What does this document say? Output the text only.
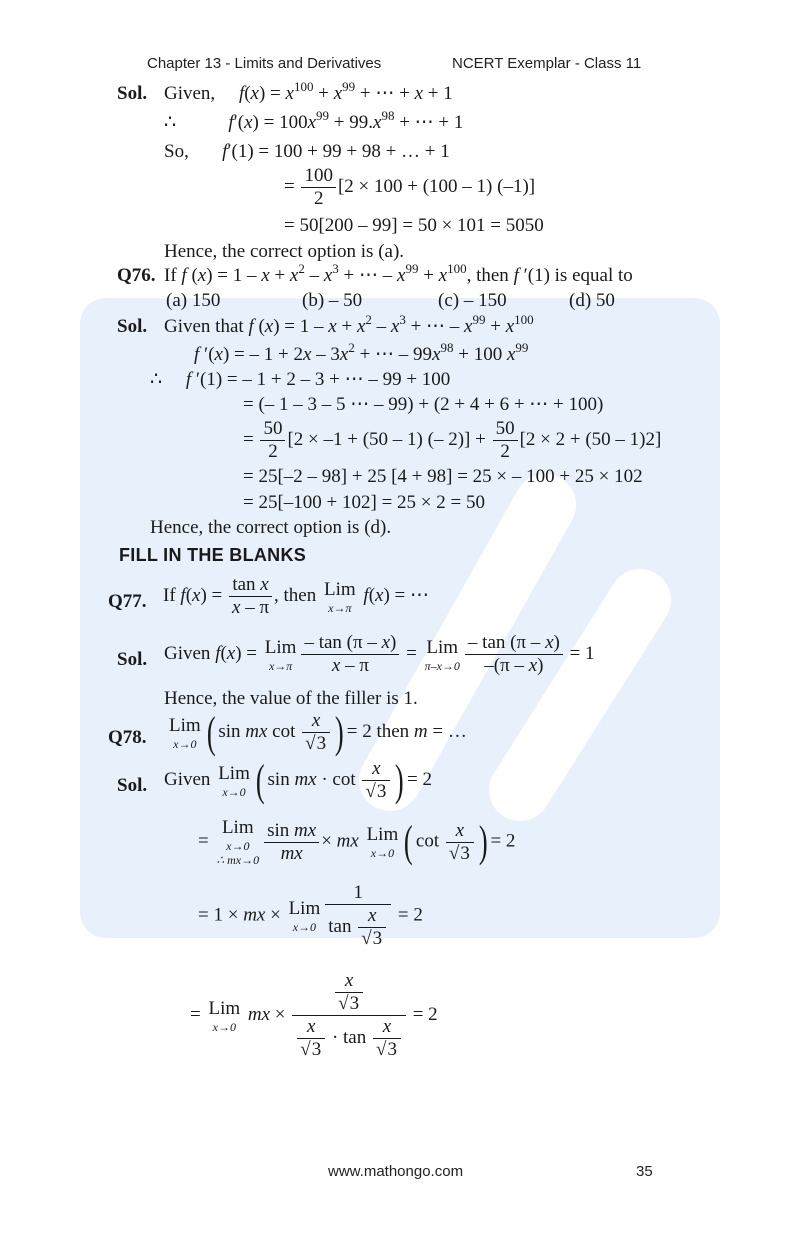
Chapter 13 - Limits and Derivatives	NCERT Exemplar - Class 11
Sol. Given, $f(x) = x^{100} + x^{99}$ + ⋯ + x + 1
∴	$f'(x) = 100x^{99} + 99.x^{98}$ + ⋯ + 1
So, f′(1) = 100 + 99 + 98 + … + 1
= $\frac{100}{2} [2 \times 100 + (100 - 1)$ (–1)]
= 50[200 – 99] = 50 × 101 = 5050
Hence, the correct option is (a).
Q76. If f $(x) = 1 - x + x^2 - x^3$ + ⋯ – $x^{99} + x^{100}$, then f ′(1) is equal to
(a) 150	(b) – 50	(c) – 150	(d) 50
Sol. Given that f $(x) = 1 - x + x^2 - x^3$ + ⋯ – $x^{99} + x^{100}$
f ′(x) = – $1 + 2x - 3x^2$ + ⋯ – $99x^{98} + 100$ $x^{99}$
∴     f ′(1) = – 1 + 2 – 3 + ⋯ – 99 + 100
= (– 1 – 3 – 5 ⋯ – 99) + (2 + 4 + 6 + ⋯ + 100)
= $\frac{50}{2} [2 \times -1 + (50 - 1)$ (– $2)] + \frac{50}{2} [2 \times 2 + (50 - 1)2]$
= 25[–2 – 98] + 25 [4 + 98] = 25 × – 100 + 25 × 102
= 25[–100 + 102] = 25 × 2 = 50
Hence, the correct option is (d).
FILL IN THE BLANKS
Q77. If $f(x) = \frac{\text{tan x}}{x - \pi}$ , then Lim
x→π
f(x) = ⋯
Sol. Given f(x) = Lim
$x\to\pi \frac{- \tan (\pi - x)}{x - \pi}$ = Lim
$\pi-x\to 0 \frac{- \tan (\pi - x)}{-(\pi - x)} = 1$
Hence, the value of the filler is 1.
Q78.
Lim
x→0 ( sin mx $\cot \frac{x}{√3}$ ) = 2 then m = …
Sol. Given Lim
x→0 ( sin mx · $\cot \frac{x}{√3}$ ) = 2
=
Lim
x→0
∴ $mx\to 0 \frac{\text{sin mx}}{mx}$ × mx Lim
x→0 ( $\cot \frac{x}{√3}$ ) = 2
= 1 × mx × Lim
$x\to 0 \frac{1}{\tan \frac{x}{√3}} = 2$
= Lim
x→0
mx × $\frac{\frac{x}{√3}}{\frac{x}{√3} \cdot \tan \frac{x}{√3}} = 2$
www.mathongo.com	35
